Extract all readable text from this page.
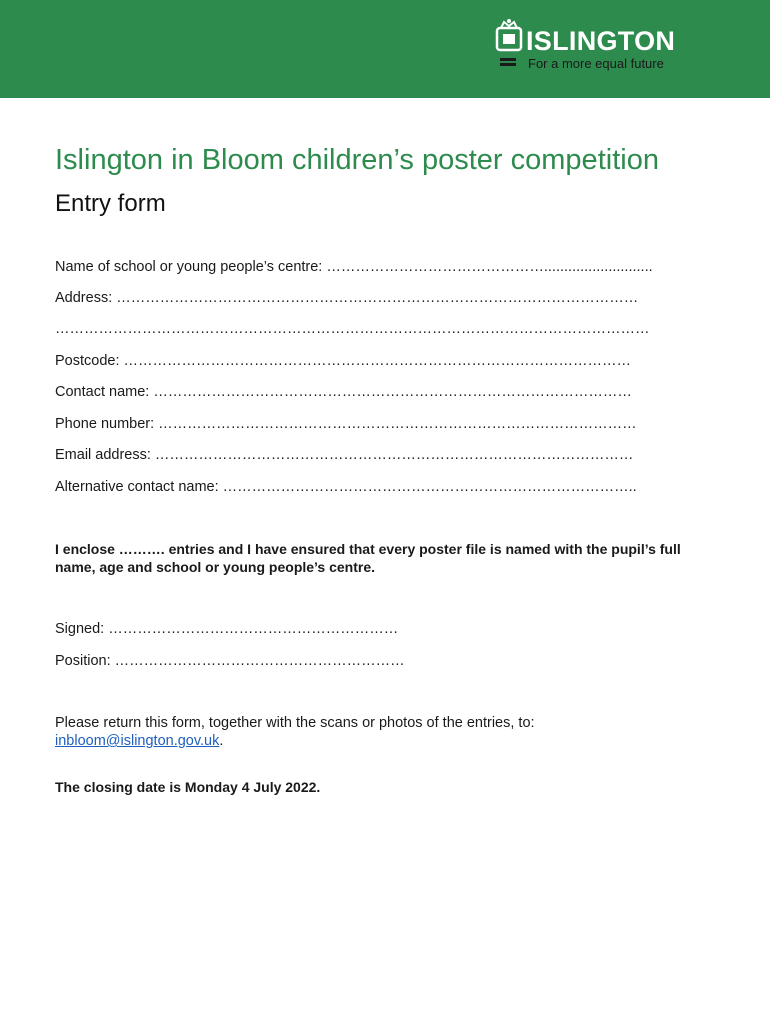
ISLINGTON
For a more equal future
Islington in Bloom children’s poster competition
Entry form
Name of school or young people’s centre: ………………………………………...........................
Address: ………………………………………………………………………………………………
……………………………………………………………………………………………………………
Postcode: ……………………………………………………………………………………………
Contact name: ………………………………………………………………………………………
Phone number: ………………………………………………………………………………………
Email address: ………………………………………………………………………………………
Alternative contact name: …………………………………………………………………………..
I enclose ………. entries and I have ensured that every poster file is named with the pupil’s full name, age and school or young people’s centre.
Signed: ……………………………………………………
Position: ……………………………………………………
Please return this form, together with the scans or photos of the entries, to:
inbloom@islington.gov.uk.
The closing date is Monday 4 July 2022.
